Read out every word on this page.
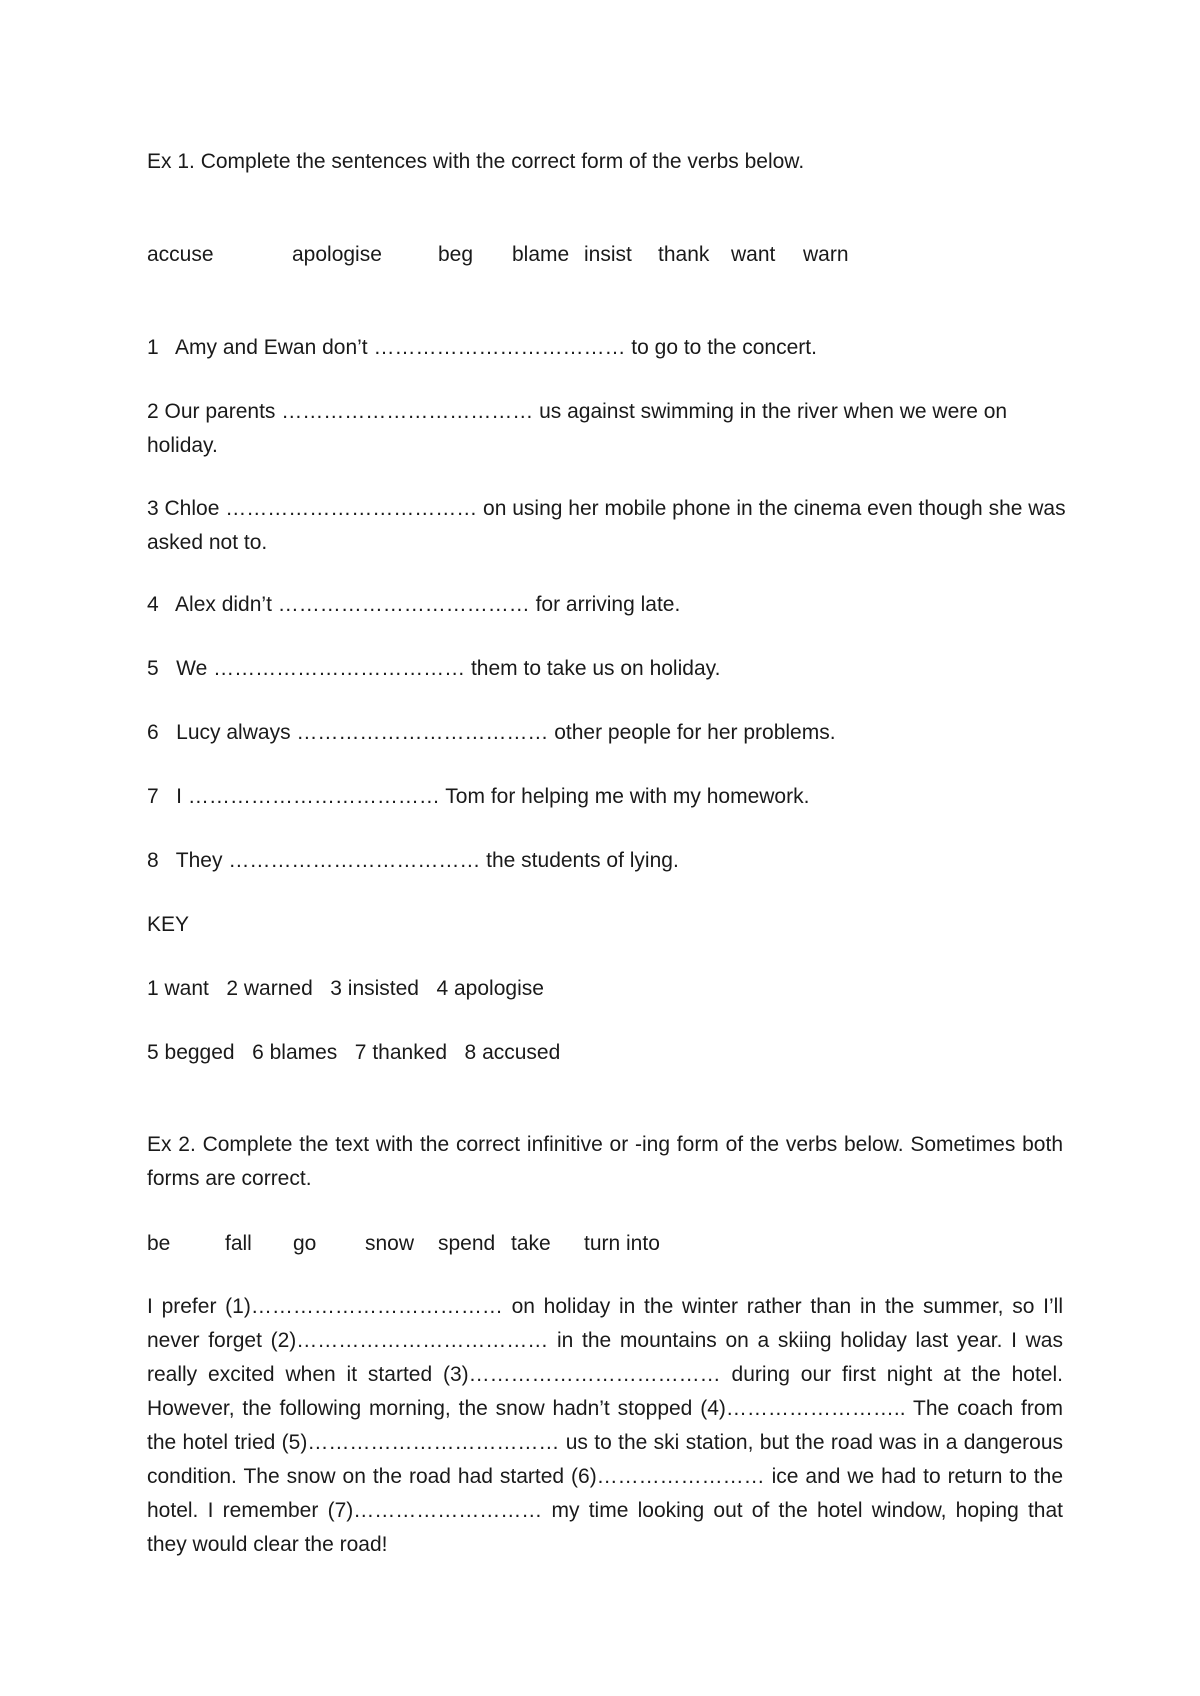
Ex 1. Complete the sentences with the correct form of the verbs below.

accuse	apologise	beg blame insist thank want warn

1   Amy and Ewan don’t ……………………………… to go to the concert.

2 Our parents ……………………………… us against swimming in the river when we were on holiday.

3 Chloe ……………………………… on using her mobile phone in the cinema even though she was asked not to.

4   Alex didn’t ……………………………… for arriving late.

5   We ……………………………… them to take us on holiday.

6   Lucy always ……………………………… other people for her problems.

7   I ……………………………… Tom for helping me with my homework.

8   They ……………………………… the students of lying.

KEY

1 want   2 warned   3 insisted   4 apologise

5 begged   6 blames   7 thanked   8 accused

Ex 2. Complete the text with the correct infinitive or -ing form of the verbs below. Sometimes both forms are correct.

be	fall go snow spend take turn into

I prefer (1)……………………………… on holiday in the winter rather than in the summer, so I’ll never forget (2)……………………………… in the mountains on a skiing holiday last year. I was really excited when it started (3)……………………………… during our first night at the hotel. However, the following morning, the snow hadn’t stopped (4)…………………….. The coach from the hotel tried (5)……………………………… us to the ski station, but the road was in a dangerous condition. The snow on the road had started (6)…………………… ice and we had to return to the hotel. I remember (7)……………………… my time looking out of the hotel window, hoping that they would clear the road!
